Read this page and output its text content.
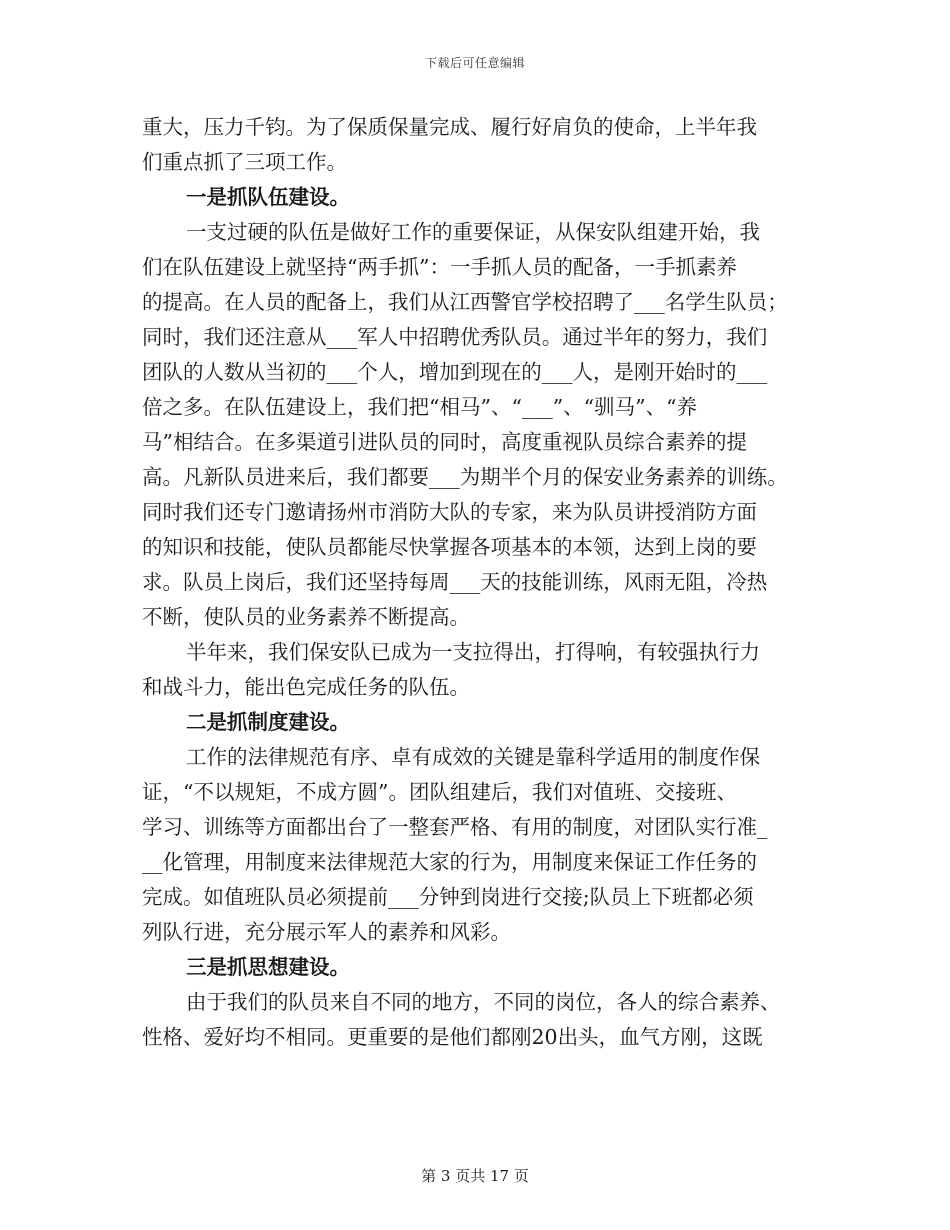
下载后可任意编辑
重大，压力千钧。为了保质保量完成、履行好肩负的使命，上半年我
们重点抓了三项工作。
一是抓队伍建设。
一支过硬的队伍是做好工作的重要保证，从保安队组建开始，我
们在队伍建设上就坚持“两手抓”：一手抓人员的配备，一手抓素养
的提高。在人员的配备上，我们从江西警官学校招聘了___名学生队员；
同时，我们还注意从___军人中招聘优秀队员。通过半年的努力，我们
团队的人数从当初的___个人，增加到现在的___人，是刚开始时的___
倍之多。在队伍建设上，我们把“相马”、“___”、“驯马”、“养
马”相结合。在多渠道引进队员的同时，高度重视队员综合素养的提
高。凡新队员进来后，我们都要___为期半个月的保安业务素养的训练。
同时我们还专门邀请扬州市消防大队的专家，来为队员讲授消防方面
的知识和技能，使队员都能尽快掌握各项基本的本领，达到上岗的要
求。队员上岗后，我们还坚持每周___天的技能训练，风雨无阻，冷热
不断，使队员的业务素养不断提高。
半年来，我们保安队已成为一支拉得出，打得响，有较强执行力
和战斗力，能出色完成任务的队伍。
二是抓制度建设。
工作的法律规范有序、卓有成效的关键是靠科学适用的制度作保
证，“不以规矩，不成方圆”。团队组建后，我们对值班、交接班、
学习、训练等方面都出台了一整套严格、有用的制度，对团队实行准_
__化管理，用制度来法律规范大家的行为，用制度来保证工作任务的
完成。如值班队员必须提前___分钟到岗进行交接;队员上下班都必须
列队行进，充分展示军人的素养和风彩。
三是抓思想建设。
由于我们的队员来自不同的地方，不同的岗位，各人的综合素养、
性格、爱好均不相同。更重要的是他们都刚20出头，血气方刚，这既
第 3 页共 17 页
